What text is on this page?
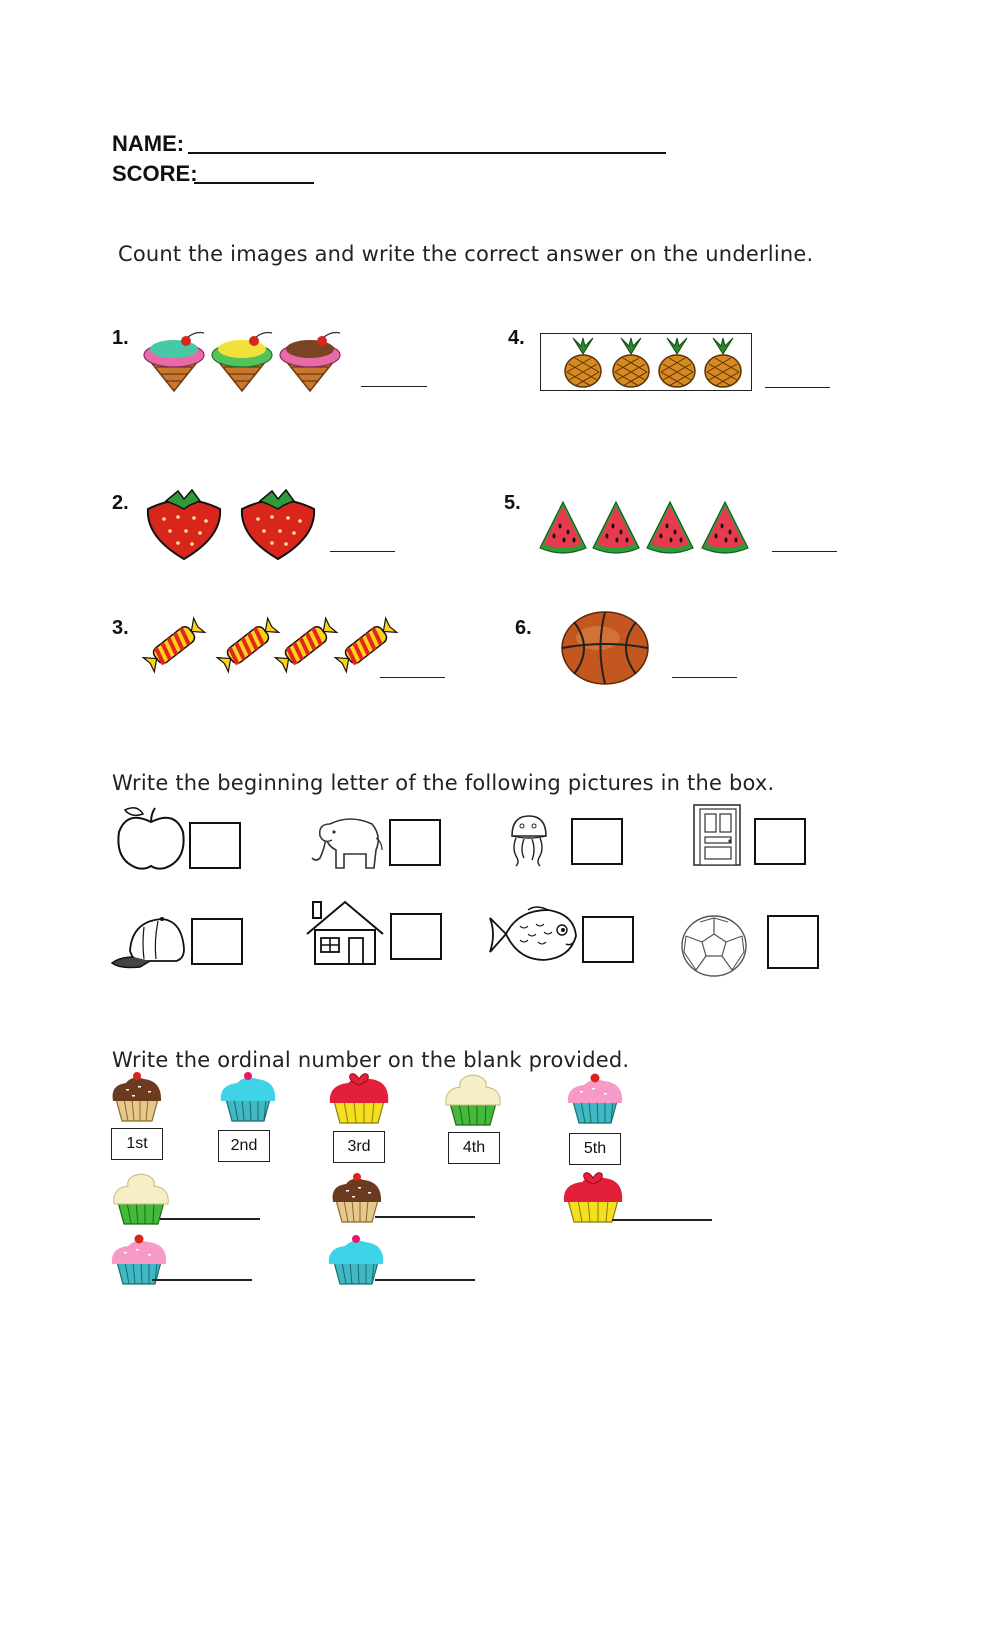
NAME:
SCORE:
Count the images and write the correct answer on the underline.
1.
2.
3.
4.
5.
6.
Write the beginning letter of the following pictures in the box.
Write the ordinal number on the blank provided.
1st	2nd	3rd	4th	5th
